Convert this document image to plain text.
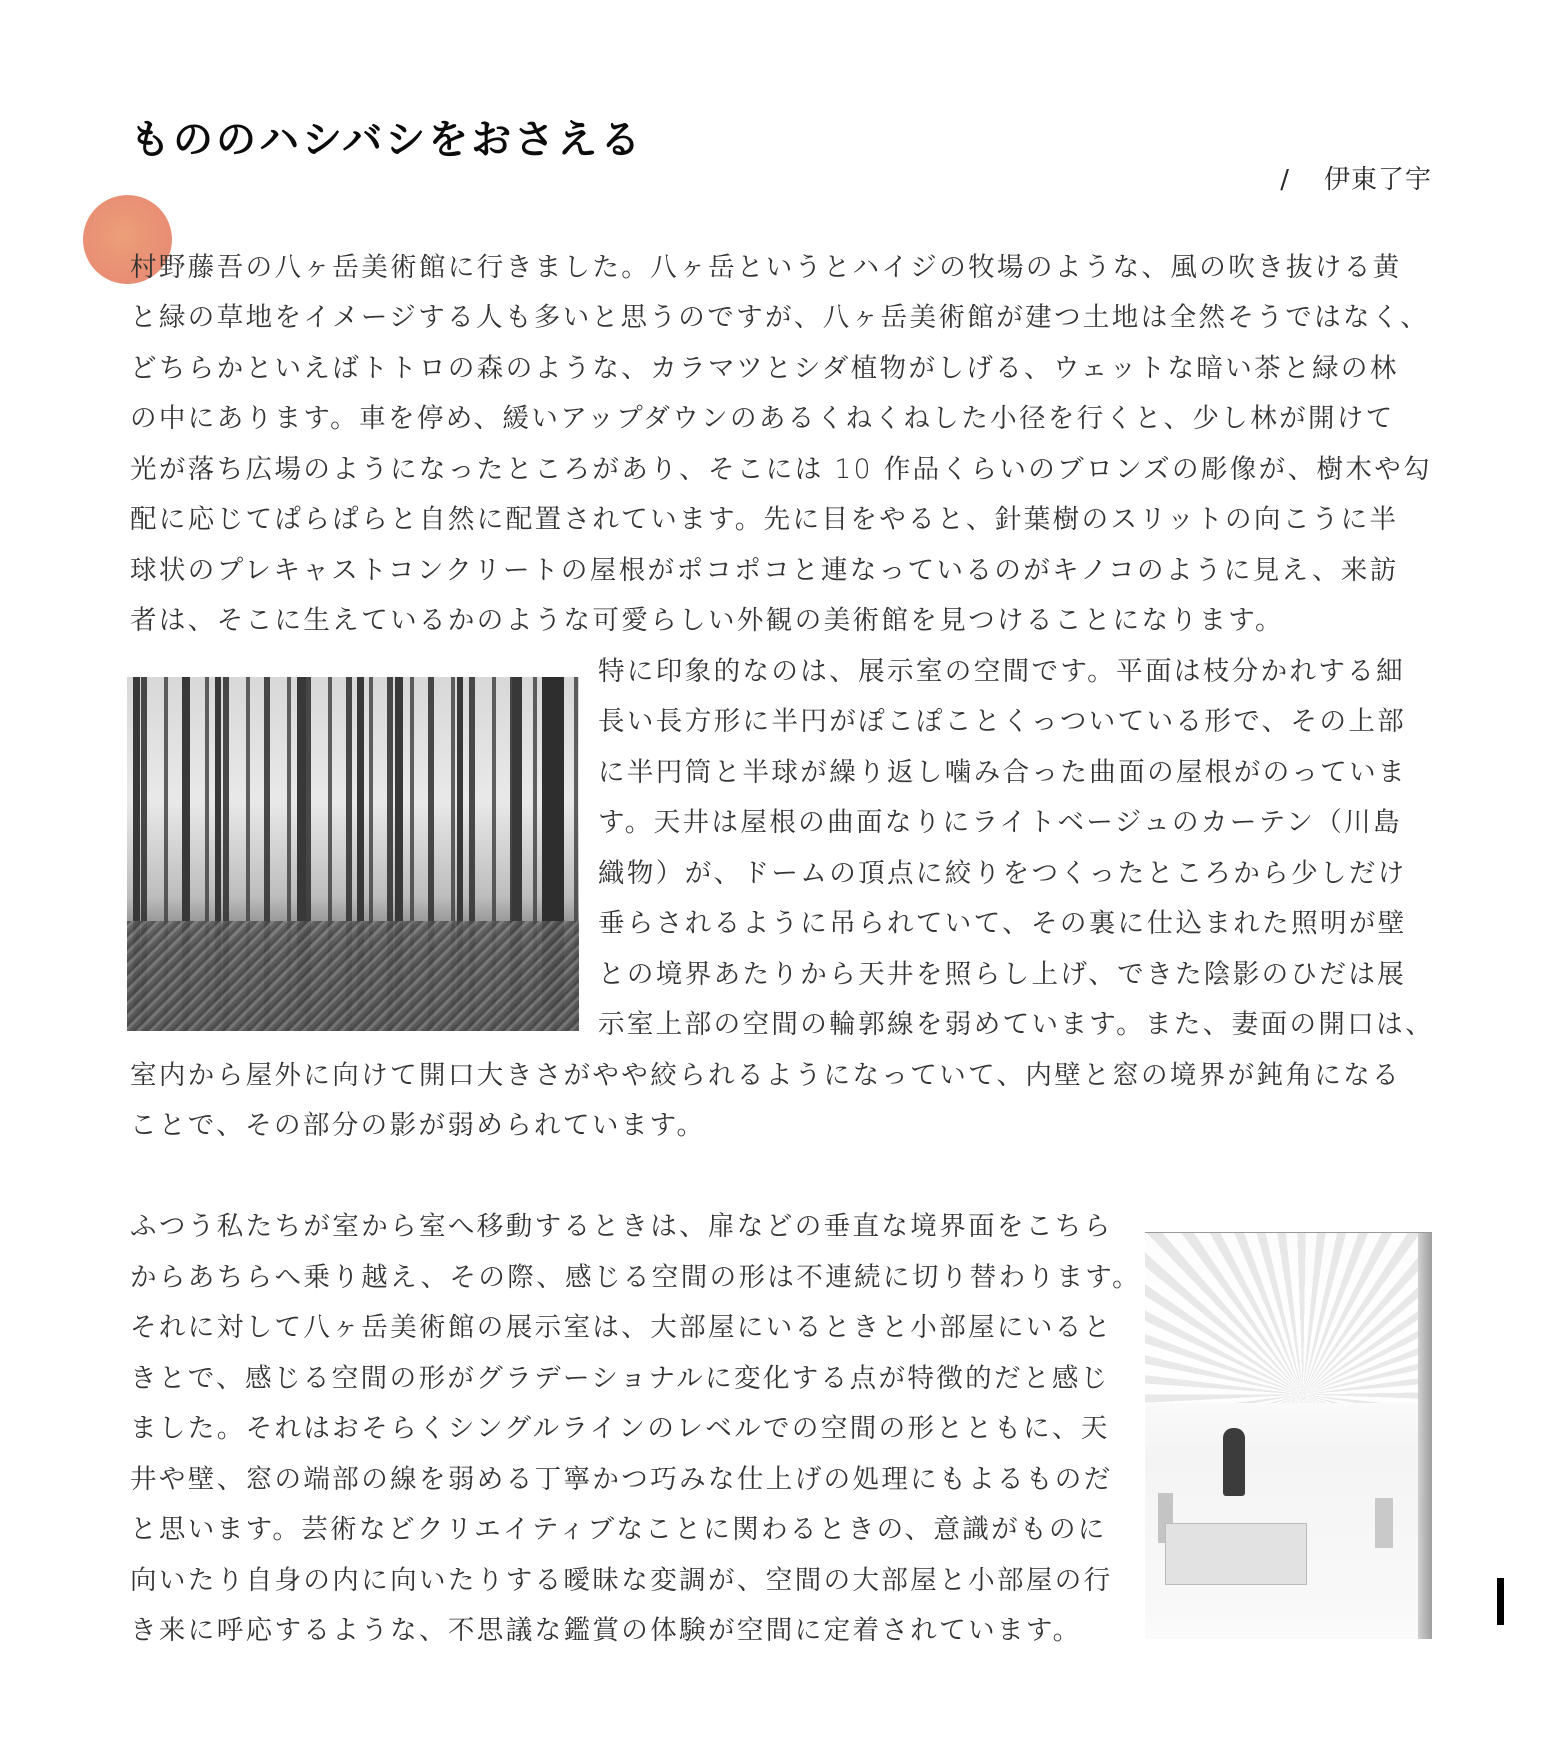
もののハシバシをおさえる
/ 伊東了宇
村野藤吾の八ヶ岳美術館に行きました。八ヶ岳というとハイジの牧場のような、風の吹き抜ける黄
と緑の草地をイメージする人も多いと思うのですが、八ヶ岳美術館が建つ土地は全然そうではなく、
どちらかといえばトトロの森のような、カラマツとシダ植物がしげる、ウェットな暗い茶と緑の林
の中にあります。車を停め、緩いアップダウンのあるくねくねした小径を行くと、少し林が開けて
光が落ち広場のようになったところがあり、そこには 10 作品くらいのブロンズの彫像が、樹木や勾
配に応じてぱらぱらと自然に配置されています。先に目をやると、針葉樹のスリットの向こうに半
球状のプレキャストコンクリートの屋根がポコポコと連なっているのがキノコのように見え、来訪
者は、そこに生えているかのような可愛らしい外観の美術館を見つけることになります。
特に印象的なのは、展示室の空間です。平面は枝分かれする細
長い長方形に半円がぽこぽことくっついている形で、その上部
に半円筒と半球が繰り返し噛み合った曲面の屋根がのっていま
す。天井は屋根の曲面なりにライトベージュのカーテン（川島
織物）が、ドームの頂点に絞りをつくったところから少しだけ
垂らされるように吊られていて、その裏に仕込まれた照明が壁
との境界あたりから天井を照らし上げ、できた陰影のひだは展
示室上部の空間の輪郭線を弱めています。また、妻面の開口は、
室内から屋外に向けて開口大きさがやや絞られるようになっていて、内壁と窓の境界が鈍角になる
ことで、その部分の影が弱められています。
ふつう私たちが室から室へ移動するときは、扉などの垂直な境界面をこちら
からあちらへ乗り越え、その際、感じる空間の形は不連続に切り替わります。
それに対して八ヶ岳美術館の展示室は、大部屋にいるときと小部屋にいると
きとで、感じる空間の形がグラデーショナルに変化する点が特徴的だと感じ
ました。それはおそらくシングルラインのレベルでの空間の形とともに、天
井や壁、窓の端部の線を弱める丁寧かつ巧みな仕上げの処理にもよるものだ
と思います。芸術などクリエイティブなことに関わるときの、意識がものに
向いたり自身の内に向いたりする曖昧な変調が、空間の大部屋と小部屋の行
き来に呼応するような、不思議な鑑賞の体験が空間に定着されています。
